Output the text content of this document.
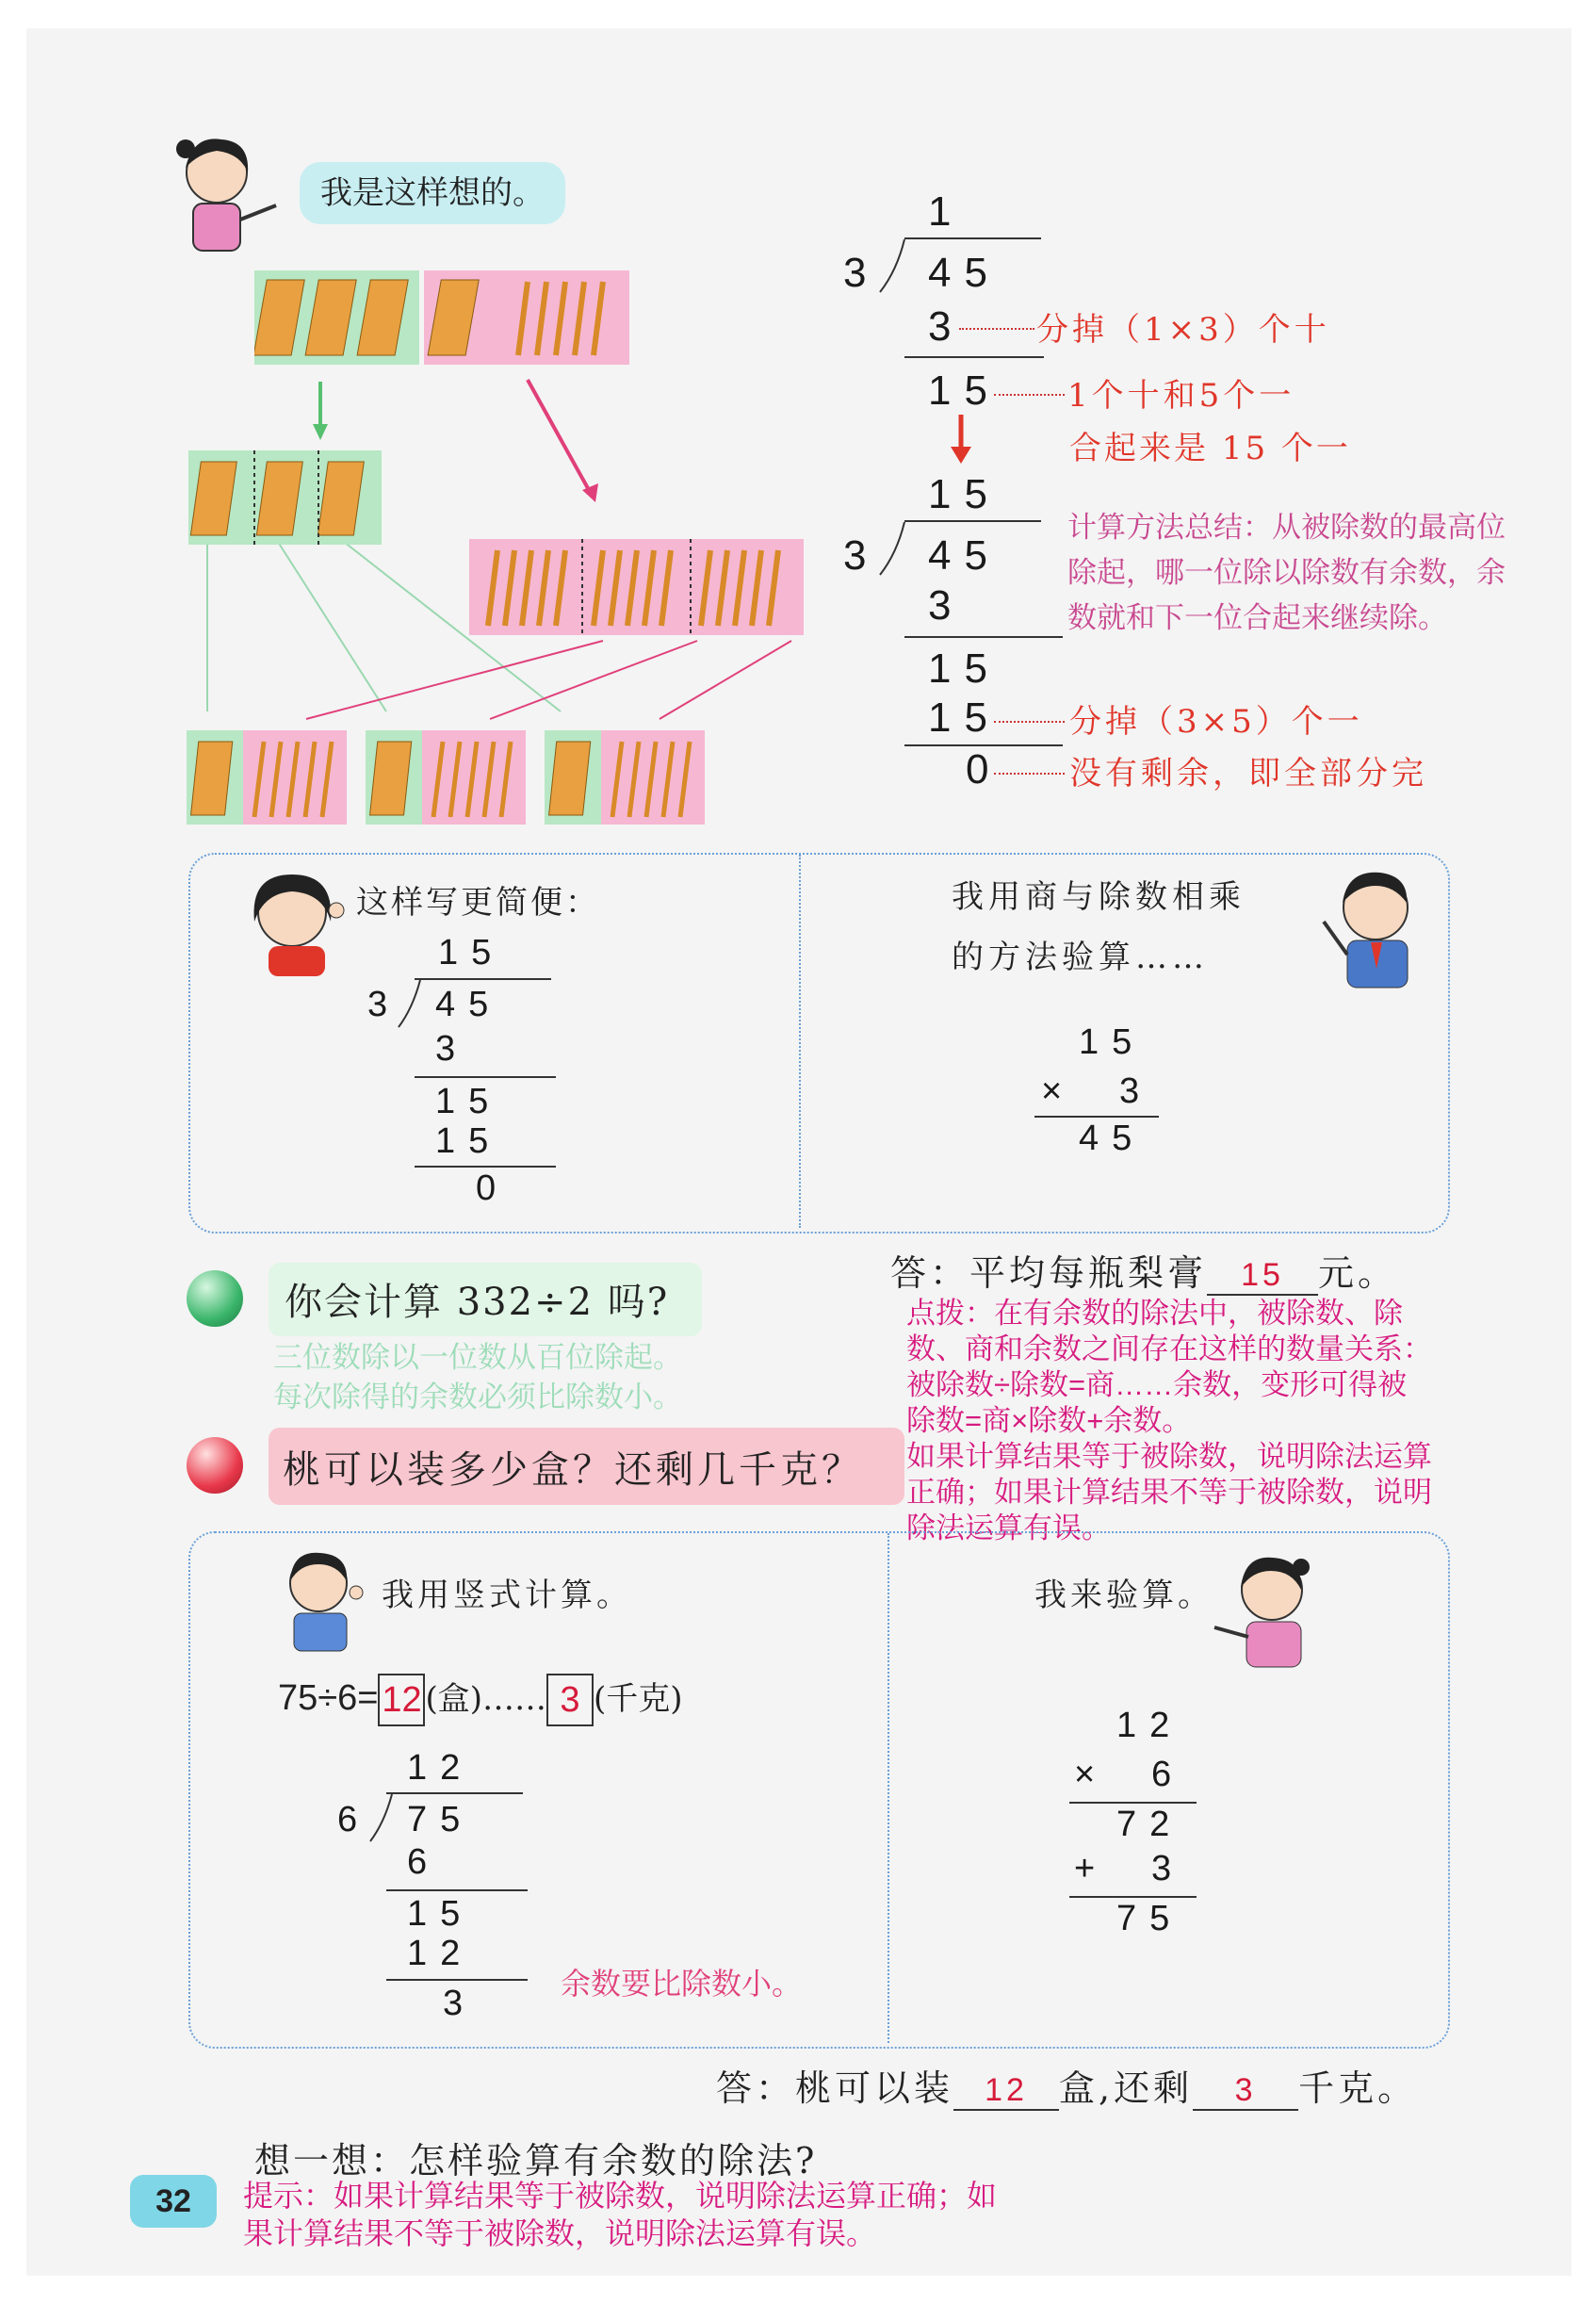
我是这样想的。	1
3 45
3 分掉（1×3）个十
15 1个十和5个一
合起来是 15 个一
15
3 45
3
15
15 分掉（3×5）个一
0 没有剩余，即全部分完
计算方法总结：从被除数的最高位
除起，哪一位除以除数有余数，余
数就和下一位合起来继续除。
这样写更简便：
15
3 45
3
15
15
0
我用商与除数相乘
的方法验算……
15
× 3
45
你会计算 332÷2 吗?
三位数除以一位数从百位除起。
每次除得的余数必须比除数小。
答：平均每瓶梨膏 15 元。
点拨：在有余数的除法中，被除数、除
数、商和余数之间存在这样的数量关系：
被除数÷除数=商……余数，变形可得被
除数=商×除数+余数。
如果计算结果等于被除数，说明除法运算
正确；如果计算结果不等于被除数，说明
除法运算有误。
桃可以装多少盒？还剩几千克？
我用竖式计算。
75÷6= 12 (盒)…… 3 (千克)
12
6 75
6
15
12
3	余数要比除数小。
我来验算。
12
× 6
72
+ 3
75
答：桃可以装 12 盒,还剩 3 千克。
想一想：怎样验算有余数的除法?
32	提示：如果计算结果等于被除数，说明除法运算正确；如
果计算结果不等于被除数，说明除法运算有误。
